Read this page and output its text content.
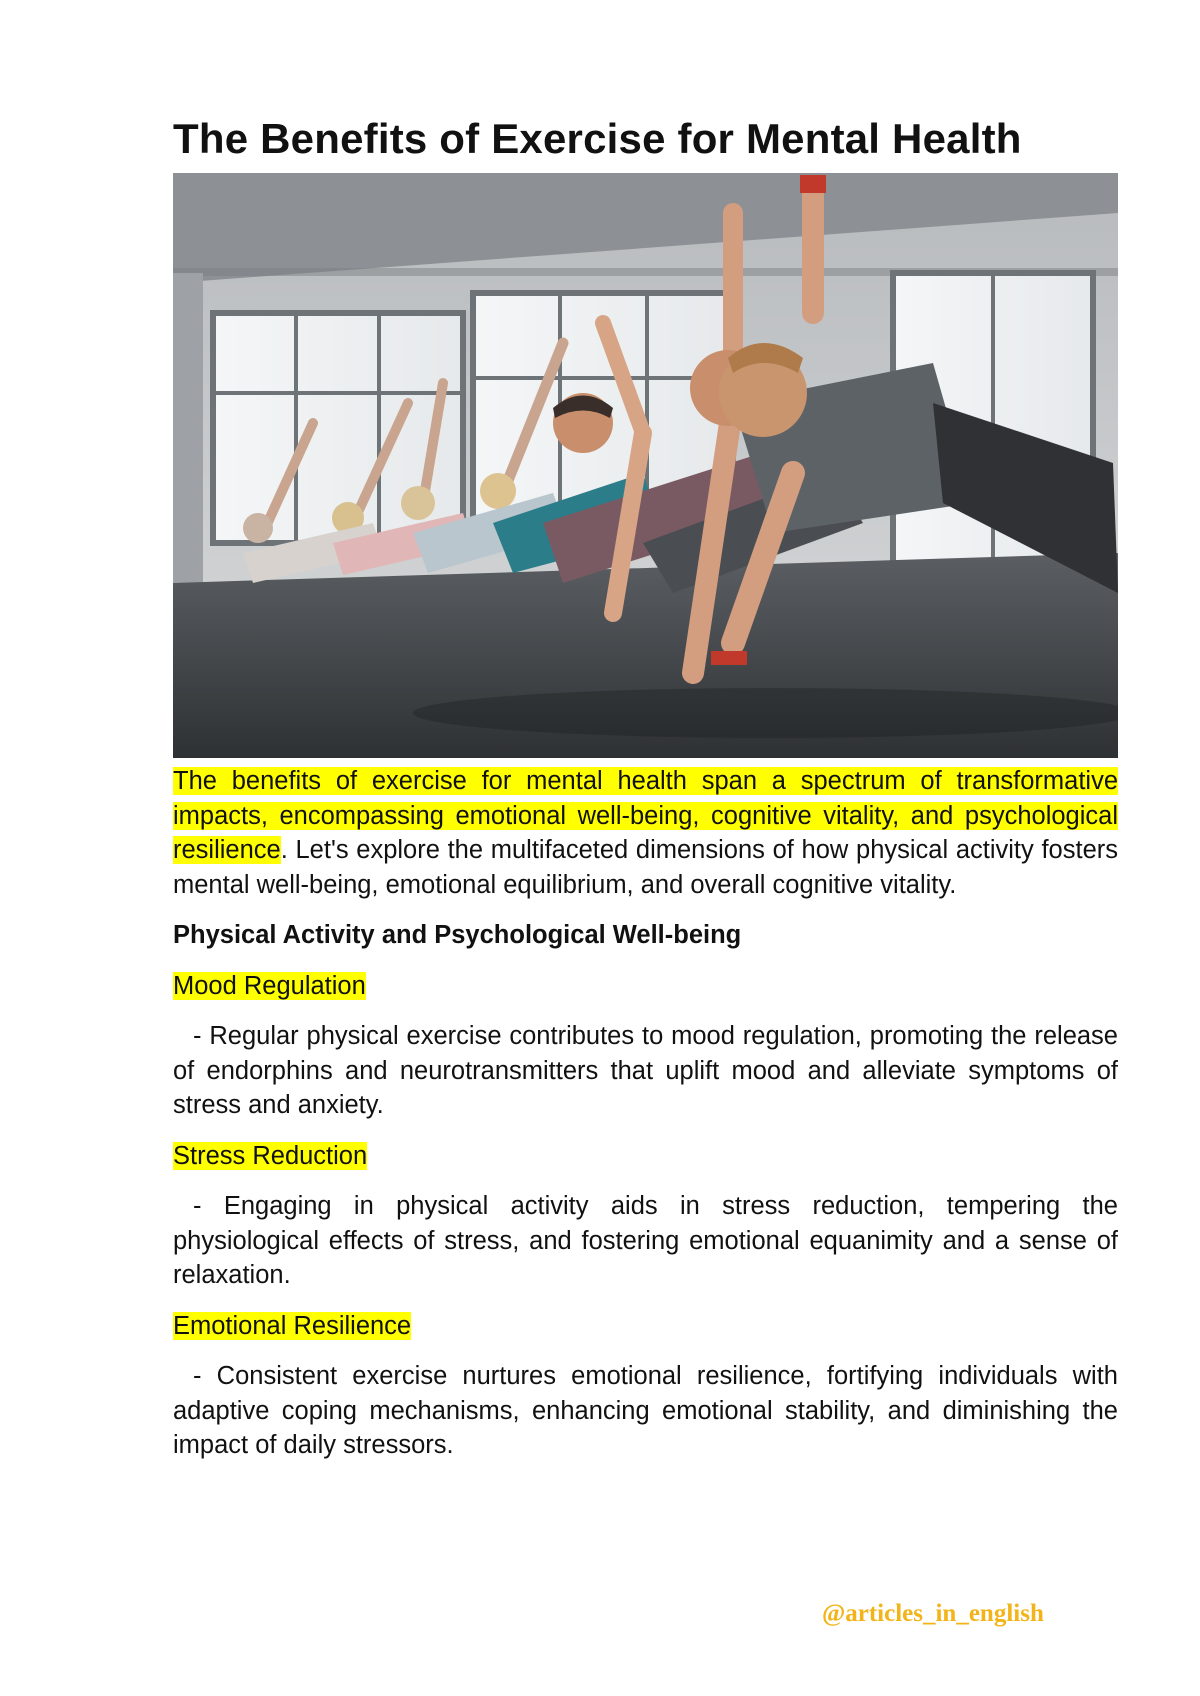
The Benefits of Exercise for Mental Health

The benefits of exercise for mental health span a spectrum of transformative impacts, encompassing emotional well-being, cognitive vitality, and psychological resilience. Let's explore the multifaceted dimensions of how physical activity fosters mental well-being, emotional equilibrium, and overall cognitive vitality.

Physical Activity and Psychological Well-being

Mood Regulation

- Regular physical exercise contributes to mood regulation, promoting the release of endorphins and neurotransmitters that uplift mood and alleviate symptoms of stress and anxiety.

Stress Reduction

- Engaging in physical activity aids in stress reduction, tempering the physiological effects of stress, and fostering emotional equanimity and a sense of relaxation.

Emotional Resilience

- Consistent exercise nurtures emotional resilience, fortifying individuals with adaptive coping mechanisms, enhancing emotional stability, and diminishing the impact of daily stressors.

@articles_in_english
